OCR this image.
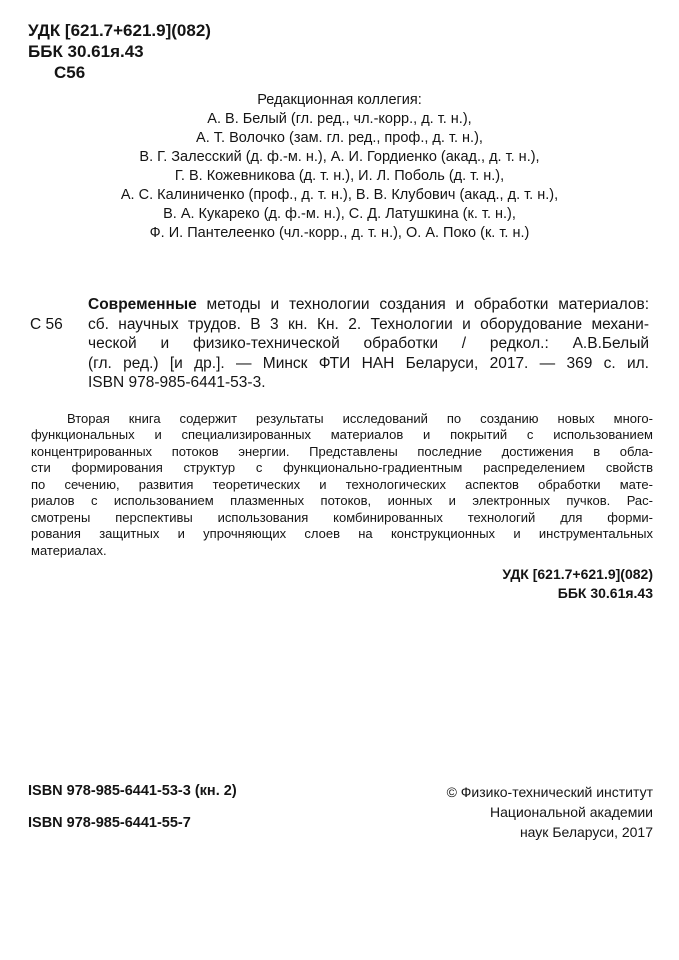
УДК [621.7+621.9](082)
ББК 30.61я.43
С56
Редакционная коллегия:
А. В. Белый (гл. ред., чл.-корр., д. т. н.),
А. Т. Волочко (зам. гл. ред., проф., д. т. н.),
В. Г. Залесский (д. ф.-м. н.), А. И. Гордиенко (акад., д. т. н.),
Г. В. Кожевникова (д. т. н.), И. Л. Поболь (д. т. н.),
А. С. Калиниченко (проф., д. т. н.), В. В. Клубович (акад., д. т. н.),
В. А. Кукареко (д. ф.-м. н.), С. Д. Латушкина (к. т. н.),
Ф. И. Пантелеенко (чл.-корр., д. т. н.), О. А. Поко (к. т. н.)
С 56
Современные методы и технологии создания и обработки материалов:
сб. научных трудов. В 3 кн. Кн. 2. Технологии и оборудование механи-
ческой и физико-технической обработки / редкол.: А.В.Белый
(гл. ред.) [и др.]. — Минск ФТИ НАН Беларуси, 2017. — 369 с. ил.
ISBN 978-985-6441-53-3.
Вторая книга содержит результаты исследований по созданию новых много-
функциональных и специализированных материалов и покрытий с использованием
концентрированных потоков энергии. Представлены последние достижения в обла-
сти формирования структур с функционально-градиентным распределением свойств
по сечению, развития теоретических и технологических аспектов обработки мате-
риалов с использованием плазменных потоков, ионных и электронных пучков. Рас-
смотрены перспективы использования комбинированных технологий для форми-
рования защитных и упрочняющих слоев на конструкционных и инструментальных
материалах.
УДК [621.7+621.9](082)
ББК 30.61я.43
ISBN 978-985-6441-53-3 (кн. 2)
ISBN 978-985-6441-55-7
© Физико-технический институт
Национальной академии
наук Беларуси, 2017
